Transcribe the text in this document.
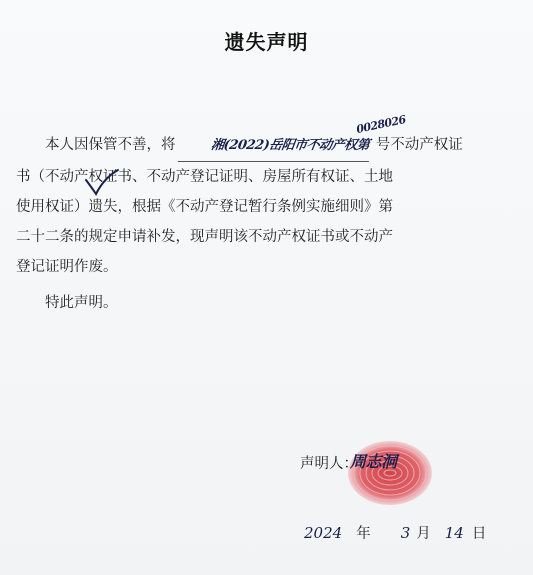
遗失声明
0028026

本人因保管不善，将	湘(2022)岳阳市不动产权第 号不动产权证

书（不动产权证书、不动产登记证明、房屋所有权证、土地

使用权证）遗失，根据《不动产登记暂行条例实施细则》第

二十二条的规定申请补发，现声明该不动产权证书或不动产

登记证明作废。

特此声明。

声明人：
周志洞
2024 年 3 月 14 日
